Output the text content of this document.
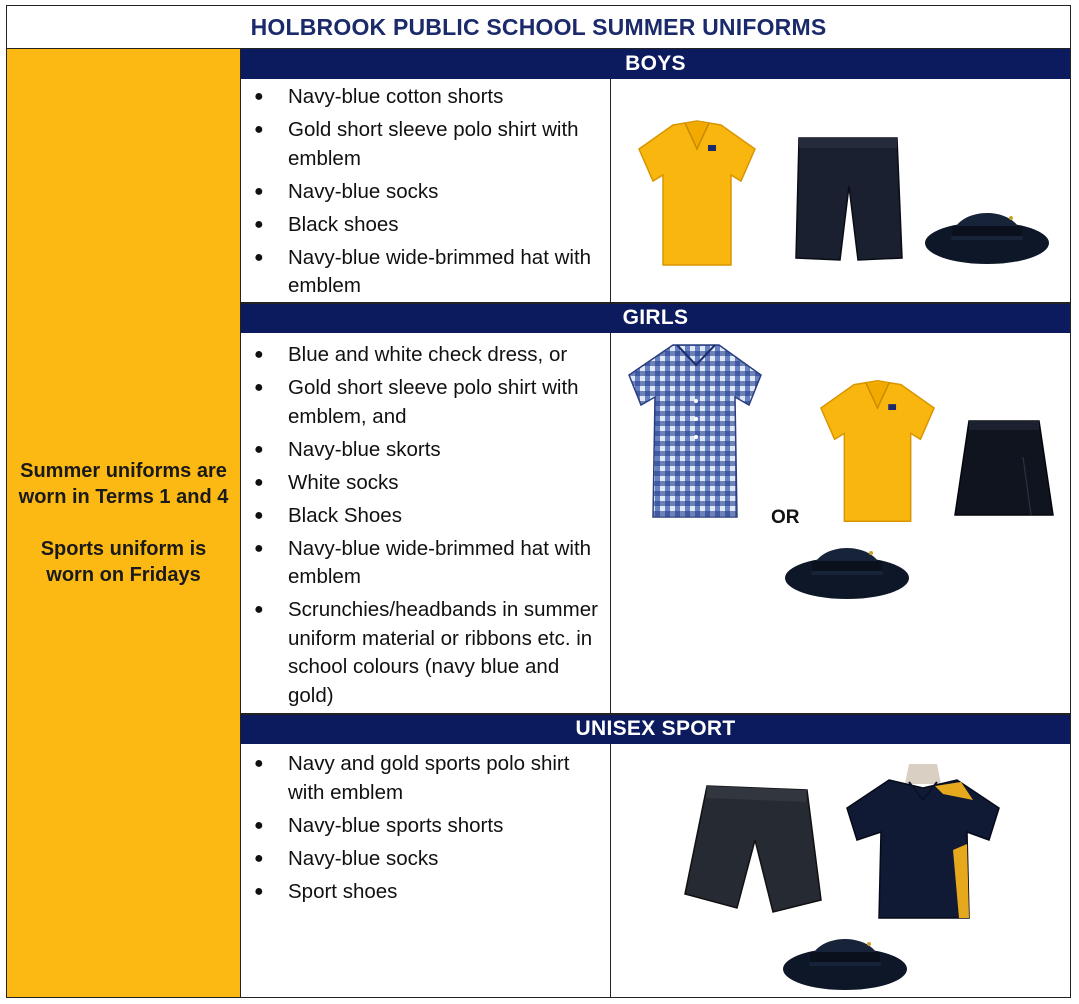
HOLBROOK PUBLIC SCHOOL SUMMER UNIFORMS

Summer uniforms are worn in Terms 1 and 4

Sports uniform is worn on Fridays

BOYS
● Navy-blue cotton shorts
● Gold short sleeve polo shirt with emblem
● Navy-blue socks
● Black shoes
● Navy-blue wide-brimmed hat with emblem
GIRLS
● Blue and white check dress, or
● Gold short sleeve polo shirt with emblem, and
● Navy-blue skorts
● White socks
● Black Shoes
● Navy-blue wide-brimmed hat with emblem
● Scrunchies/headbands in summer uniform material or ribbons etc. in school colours (navy blue and gold)
OR
UNISEX SPORT
● Navy and gold sports polo shirt with emblem
● Navy-blue sports shorts
● Navy-blue socks
● Sport shoes
